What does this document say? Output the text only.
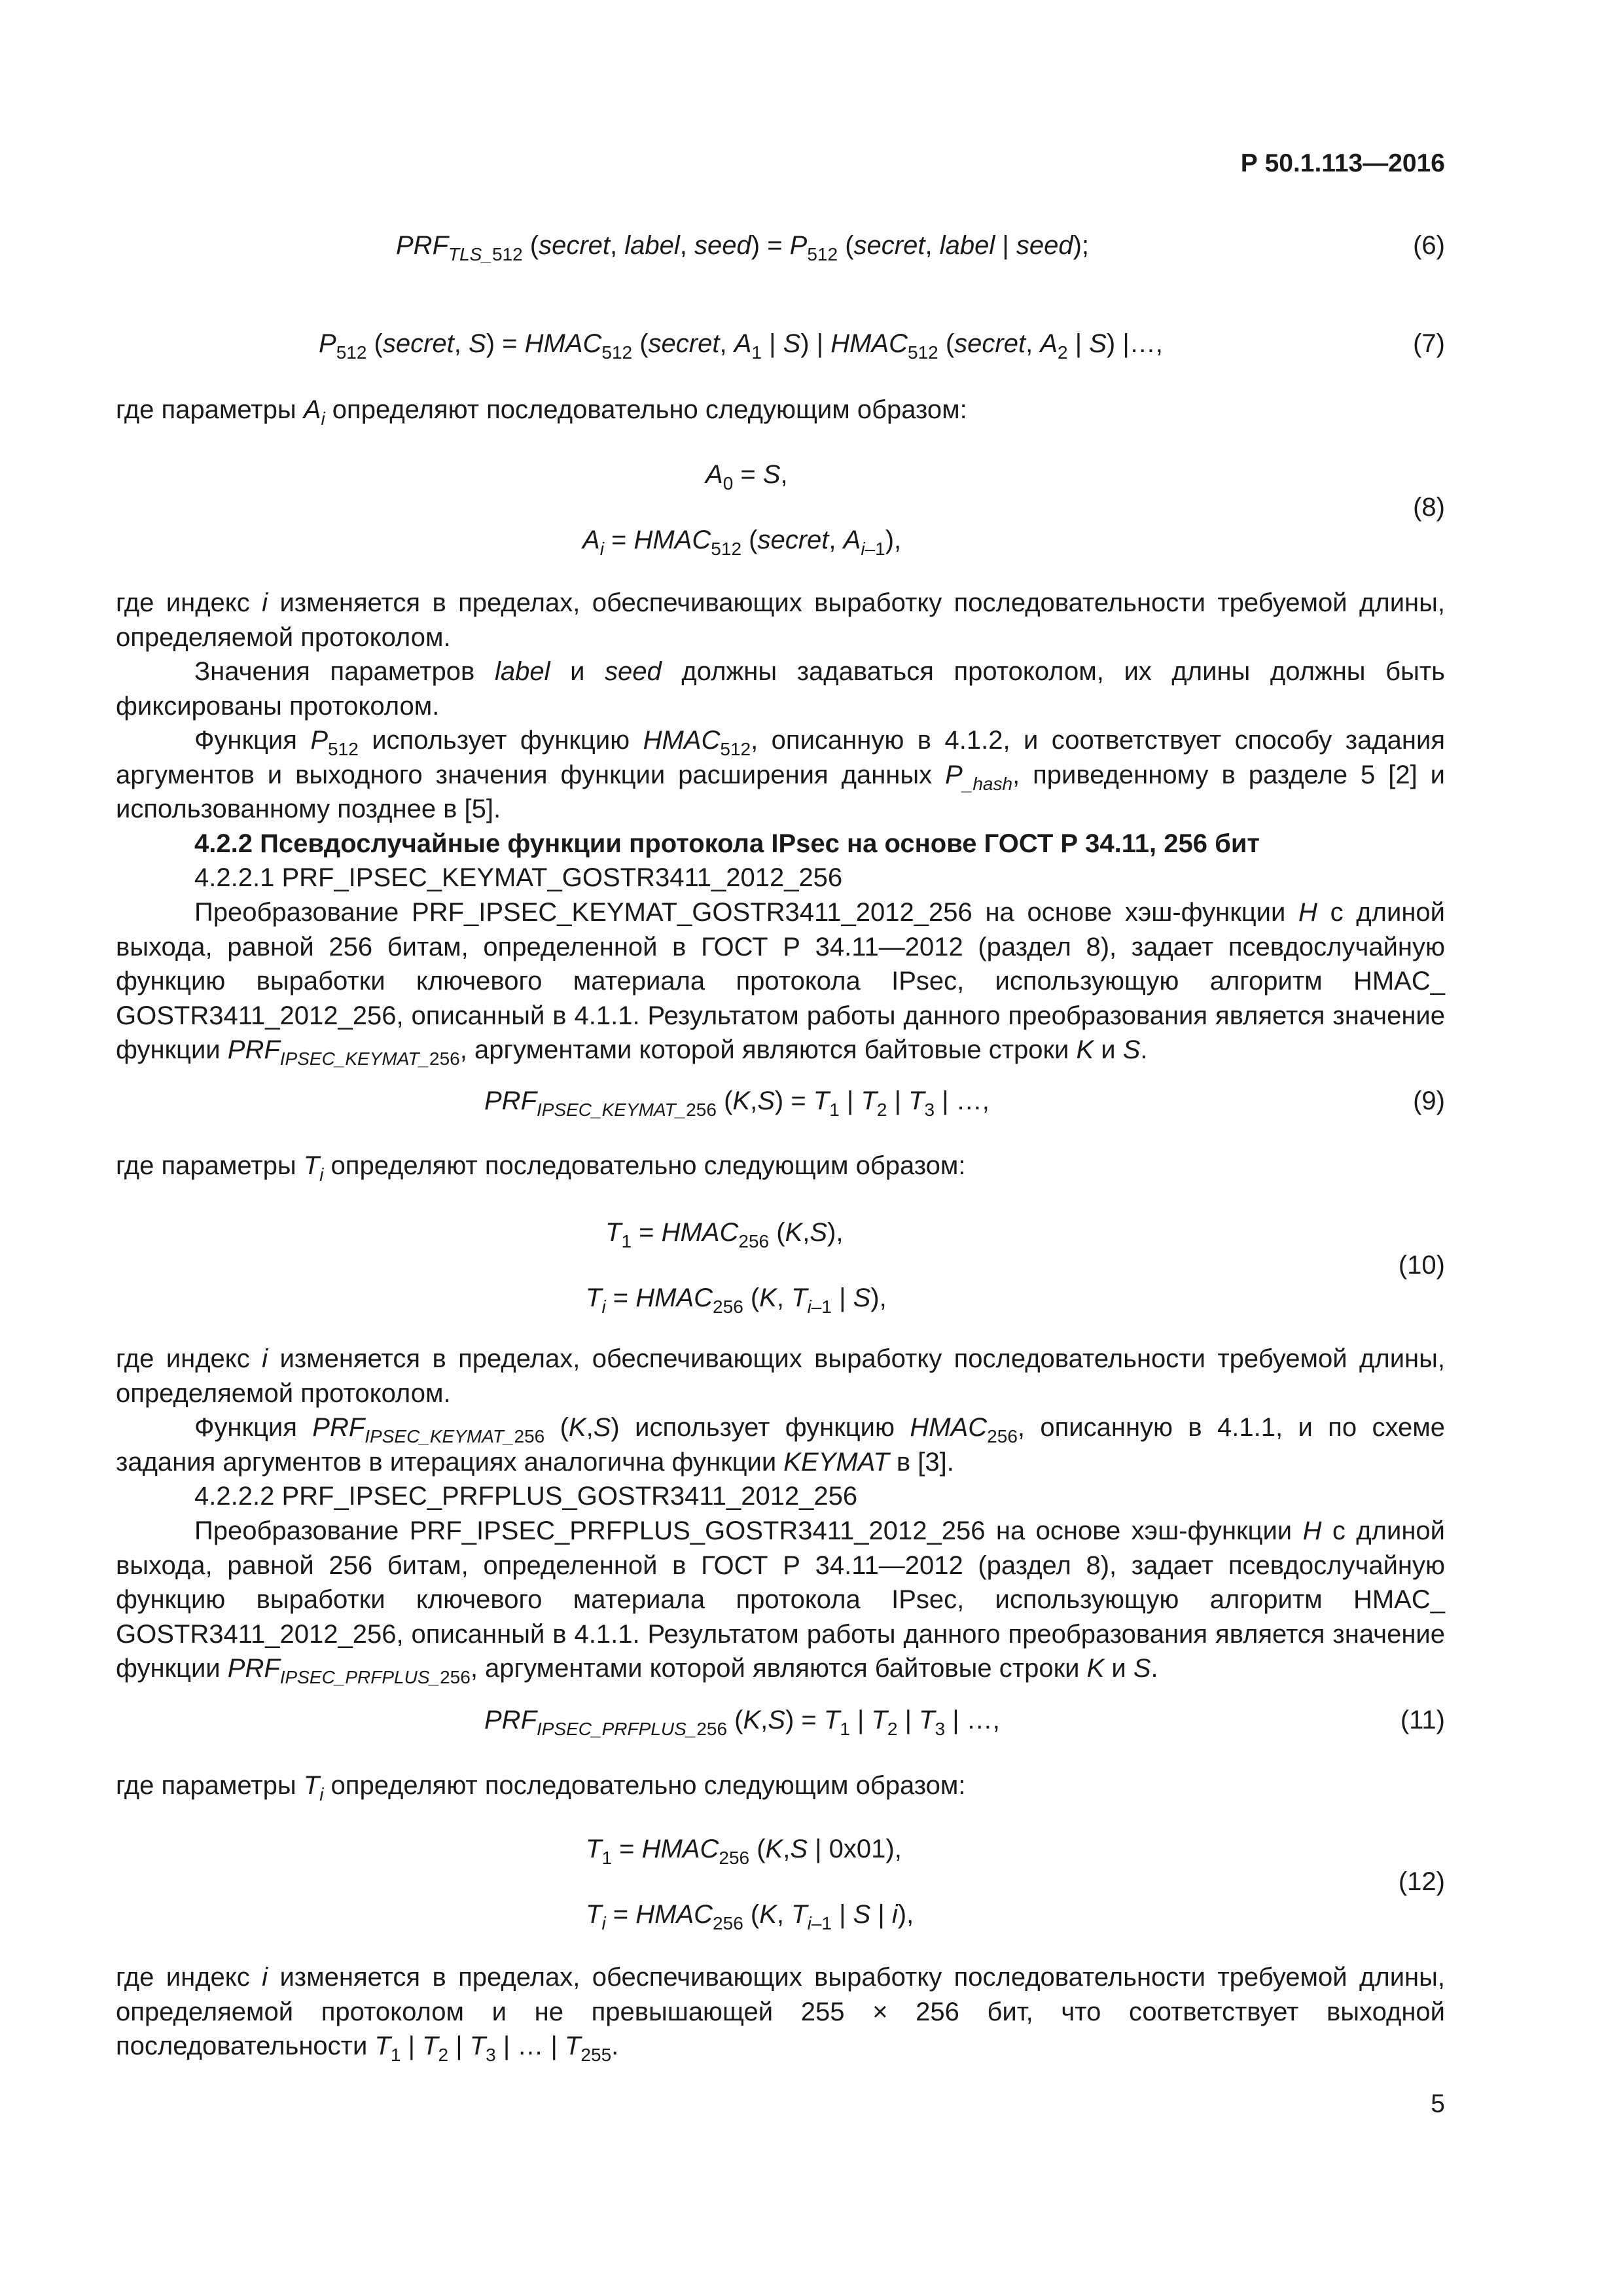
Р 50.1.113—2016
$PRF_{TLS\_512}$ (secret, label, seed) = $P_{512}$ (secret, label | seed);	(6)
$P_{512}$ (secret, $S) = HMAC_{512}$ (secret, $A_1$ | S) | $HMAC_{512}$ (secret, $A_2$ | S) |…,	(7)

где параметры $A_i$ определяют последовательно следующим образом:

$A_0 = S$,
$A_i$ = $HMAC_{512}$ (secret, $A_{i-1}$),
(8)

где индекс i изменяется в пределах, обеспечивающих выработку последовательности требуемой длины, определяемой протоколом.

Значения параметров label и seed должны задаваться протоколом, их длины должны быть фиксированы протоколом.

Функция $P_{512}$ использует функцию $HMAC_{512}$, описанную в 4.1.2, и соответствует способу задания аргументов и выходного значения функции расширения данных $P_{\_hash}$, приведенному в разделе 5 [2] и использованному позднее в [5].

4.2.2 Псевдослучайные функции протокола IPsec на основе ГОСТ Р 34.11, 256 бит

4.2.2.1 PRF_IPSEC_KEYMAT_GOSTR3411_2012_256

Преобразование PRF_IPSEC_KEYMAT_GOSTR3411_2012_256 на основе хэш-функции H с длиной выхода, равной 256 битам, определенной в ГОСТ Р 34.11—2012 (раздел 8), задает псевдослучайную функцию выработки ключевого материала протокола IPsec, использующую алгоритм HMAC_ GOSTR3411_2012_256, описанный в 4.1.1. Результатом работы данного преобразования является значение функции $PRF_{IPSEC\_KEYMAT\_256}$, аргументами которой являются байтовые строки K и S.

$PRF_{IPSEC\_KEYMAT\_256}$ $(K,S) = T_1$ | $T_2$ | $T_3$ | …,	(9)

где параметры $T_i$ определяют последовательно следующим образом:

$T_1$ = $HMAC_{256}$ (K,S),
$T_i$ = $HMAC_{256}$ (K, $T_{i-1}$ | S),
(10)

где индекс i изменяется в пределах, обеспечивающих выработку последовательности требуемой длины, определяемой протоколом.

Функция $PRF_{IPSEC\_KEYMAT\_256}$ (K,S) использует функцию $HMAC_{256}$, описанную в 4.1.1, и по схеме задания аргументов в итерациях аналогична функции KEYMAT в [3].

4.2.2.2 PRF_IPSEC_PRFPLUS_GOSTR3411_2012_256

Преобразование PRF_IPSEC_PRFPLUS_GOSTR3411_2012_256 на основе хэш-функции H с длиной выхода, равной 256 битам, определенной в ГОСТ Р 34.11—2012 (раздел 8), задает псевдослучайную функцию выработки ключевого материала протокола IPsec, использующую алгоритм HMAC_ GOSTR3411_2012_256, описанный в 4.1.1. Результатом работы данного преобразования является значение функции $PRF_{IPSEC\_PRFPLUS\_256}$, аргументами которой являются байтовые строки K и S.

$PRF_{IPSEC\_PRFPLUS\_256}$ $(K,S) = T_1$ | $T_2$ | $T_3$ | …,	(11)

где параметры $T_i$ определяют последовательно следующим образом:

$T_1$ = $HMAC_{256}$ (K,S | 0x01),
$T_i$ = $HMAC_{256}$ (K, $T_{i-1}$ | S | i),
(12)

где индекс i изменяется в пределах, обеспечивающих выработку последовательности требуемой длины, определяемой протоколом и не превышающей 255 × 256 бит, что соответствует выходной последовательности $T_1$ | $T_2$ | $T_3$ | … | $T_{255}$.

5
